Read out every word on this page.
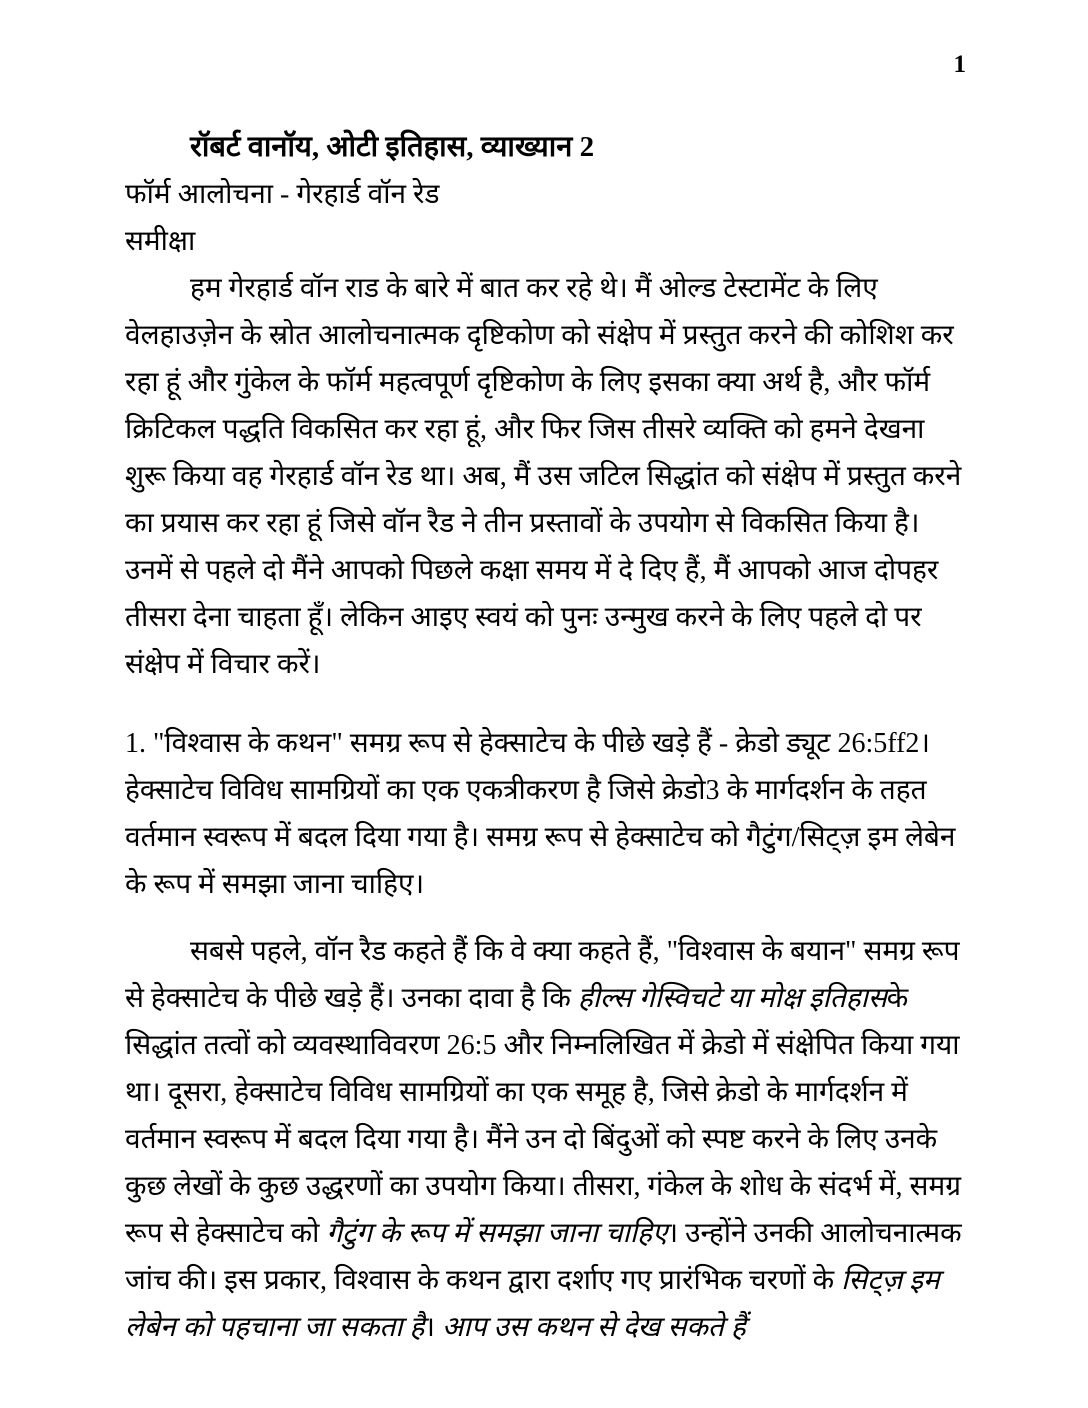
1
रॉबर्ट वानॉय, ओटी इतिहास, व्याख्यान 2
फॉर्म आलोचना - गेरहार्ड वॉन रेड
समीक्षा

हम गेरहार्ड वॉन राड के बारे में बात कर रहे थे। मैं ओल्ड टेस्टामेंट के लिए वेलहाउज़ेन के स्रोत आलोचनात्मक दृष्टिकोण को संक्षेप में प्रस्तुत करने की कोशिश कर रहा हूं और गुंकेल के फॉर्म महत्वपूर्ण दृष्टिकोण के लिए इसका क्या अर्थ है, और फॉर्म क्रिटिकल पद्धति विकसित कर रहा हूं, और फिर जिस तीसरे व्यक्ति को हमने देखना शुरू किया वह गेरहार्ड वॉन रेड था। अब, मैं उस जटिल सिद्धांत को संक्षेप में प्रस्तुत करने का प्रयास कर रहा हूं जिसे वॉन रैड ने तीन प्रस्तावों के उपयोग से विकसित किया है। उनमें से पहले दो मैंने आपको पिछले कक्षा समय में दे दिए हैं, मैं आपको आज दोपहर तीसरा देना चाहता हूँ। लेकिन आइए स्वयं को पुनः उन्मुख करने के लिए पहले दो पर संक्षेप में विचार करें।

1. "विश्वास के कथन" समग्र रूप से हेक्साटेच के पीछे खड़े हैं - क्रेडो ड्यूट 26:5ff2। हेक्साटेच विविध सामग्रियों का एक एकत्रीकरण है जिसे क्रेडो3 के मार्गदर्शन के तहत वर्तमान स्वरूप में बदल दिया गया है। समग्र रूप से हेक्साटेच को गैटुंग/सिट्ज़ इम लेबेन के रूप में समझा जाना चाहिए।

सबसे पहले, वॉन रैड कहते हैं कि वे क्या कहते हैं, "विश्वास के बयान" समग्र रूप से हेक्साटेच के पीछे खड़े हैं। उनका दावा है कि हील्स गेस्विचटे या मोक्ष इतिहासके सिद्धांत तत्वों को व्यवस्थाविवरण 26:5 और निम्नलिखित में क्रेडो में संक्षेपित किया गया था। दूसरा, हेक्साटेच विविध सामग्रियों का एक समूह है, जिसे क्रेडो के मार्गदर्शन में वर्तमान स्वरूप में बदल दिया गया है। मैंने उन दो बिंदुओं को स्पष्ट करने के लिए उनके कुछ लेखों के कुछ उद्धरणों का उपयोग किया। तीसरा, गंकेल के शोध के संदर्भ में, समग्र रूप से हेक्साटेच को गैटुंग के रूप में समझा जाना चाहिए। उन्होंने उनकी आलोचनात्मक जांच की। इस प्रकार, विश्वास के कथन द्वारा दर्शाए गए प्रारंभिक चरणों के सिट्ज़ इम लेबेन को पहचाना जा सकता है। आप उस कथन से देख सकते हैं
